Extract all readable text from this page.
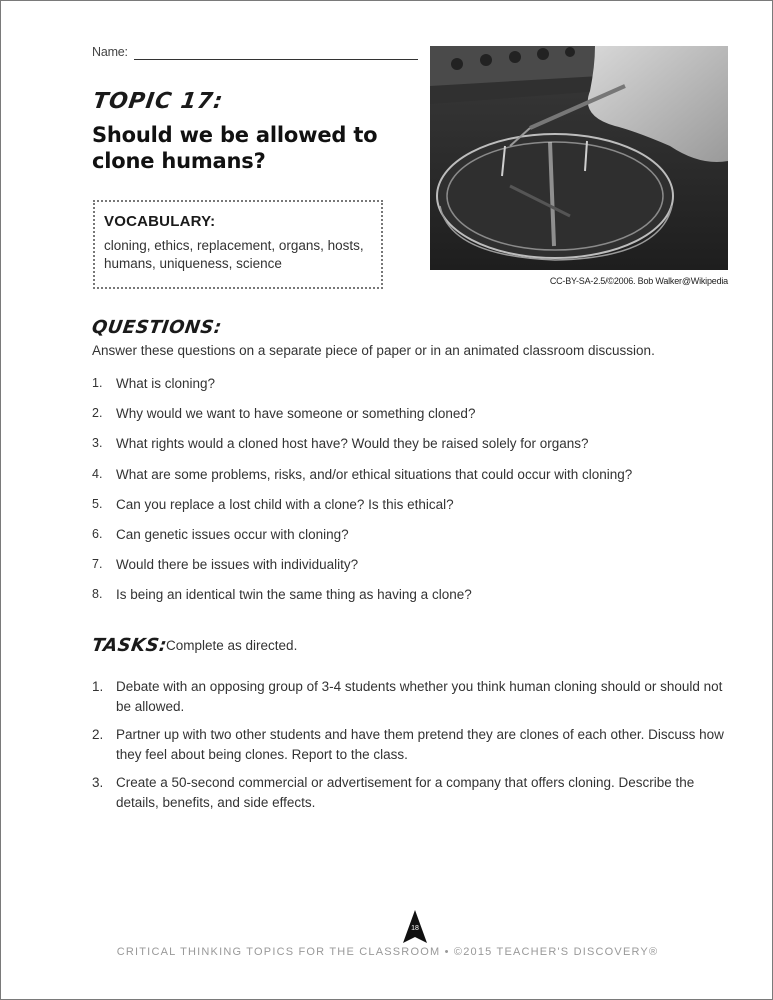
Name:
TOPIC 17:
Should we be allowed to clone humans?
VOCABULARY:
cloning, ethics, replacement, organs, hosts, humans, uniqueness, science
CC-BY-SA-2.5/©2006. Bob Walker@Wikipedia
QUESTIONS:
Answer these questions on a separate piece of paper or in an animated classroom discussion.
1.	What is cloning?
2.	Why would we want to have someone or something cloned?
3.	What rights would a cloned host have? Would they be raised solely for organs?
4.	What are some problems, risks, and/or ethical situations that could occur with cloning?
5.	Can you replace a lost child with a clone? Is this ethical?
6.	Can genetic issues occur with cloning?
7.	Would there be issues with individuality?
8.	Is being an identical twin the same thing as having a clone?
TASKS:
Complete as directed.
1. Debate with an opposing group of 3-4 students whether you think human cloning should or should not be allowed.
2. Partner up with two other students and have them pretend they are clones of each other. Discuss how they feel about being clones. Report to the class.
3. Create a 50-second commercial or advertisement for a company that offers cloning. Describe the details, benefits, and side effects.
18
CRITICAL THINKING TOPICS FOR THE CLASSROOM • ©2015 TEACHER'S DISCOVERY®
